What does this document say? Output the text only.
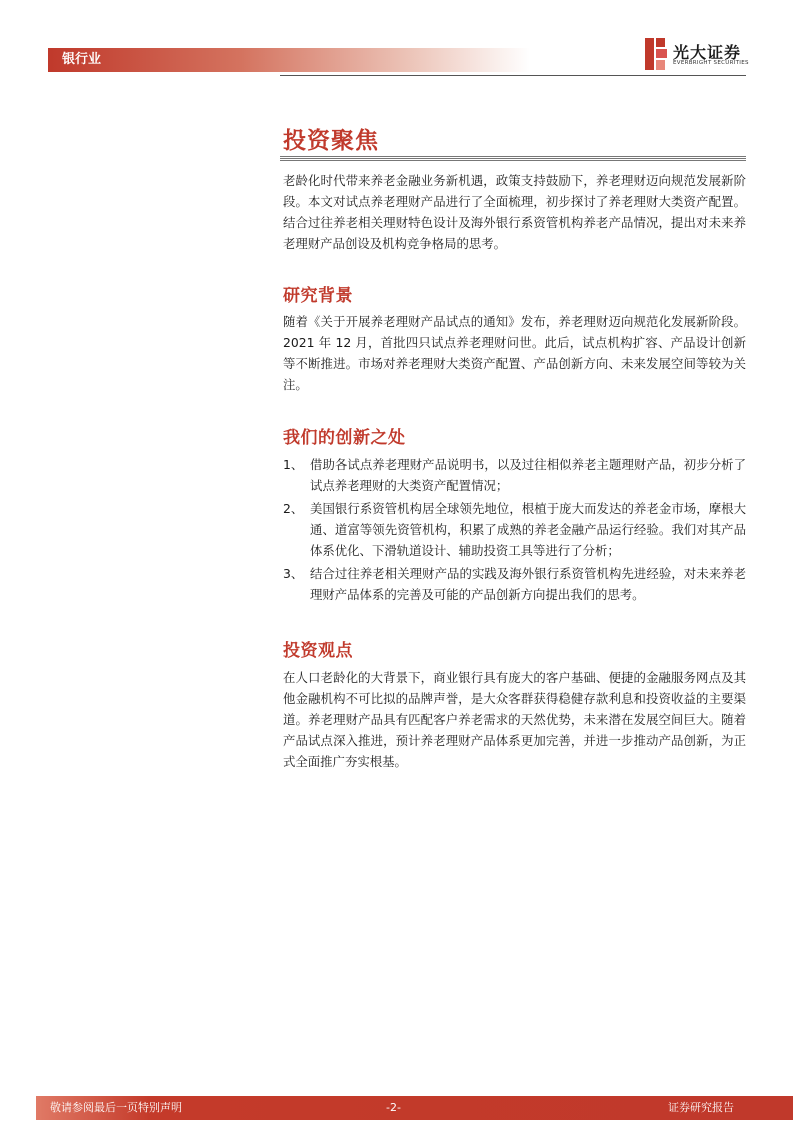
银行业	光大证券
EVERBRIGHT SECURITIES
投资聚焦

老龄化时代带来养老金融业务新机遇，政策支持鼓励下，养老理财迈向规范发展新阶段。本文对试点养老理财产品进行了全面梳理，初步探讨了养老理财大类资产配置。结合过往养老相关理财特色设计及海外银行系资管机构养老产品情况，提出对未来养老理财产品创设及机构竞争格局的思考。

研究背景

随着《关于开展养老理财产品试点的通知》发布，养老理财迈向规范化发展新阶段。2021 年 12 月，首批四只试点养老理财问世。此后，试点机构扩容、产品设计创新等不断推进。市场对养老理财大类资产配置、产品创新方向、未来发展空间等较为关注。

我们的创新之处
1、 借助各试点养老理财产品说明书，以及过往相似养老主题理财产品，初步分析了试点养老理财的大类资产配置情况；
2、 美国银行系资管机构居全球领先地位，根植于庞大而发达的养老金市场，摩根大通、道富等领先资管机构，积累了成熟的养老金融产品运行经验。我们对其产品体系优化、下滑轨道设计、辅助投资工具等进行了分析；
3、 结合过往养老相关理财产品的实践及海外银行系资管机构先进经验，对未来养老理财产品体系的完善及可能的产品创新方向提出我们的思考。
投资观点

在人口老龄化的大背景下，商业银行具有庞大的客户基础、便捷的金融服务网点及其他金融机构不可比拟的品牌声誉，是大众客群获得稳健存款利息和投资收益的主要渠道。养老理财产品具有匹配客户养老需求的天然优势，未来潜在发展空间巨大。随着产品试点深入推进，预计养老理财产品体系更加完善，并进一步推动产品创新，为正式全面推广夯实根基。

敬请参阅最后一页特别声明	-2-	证券研究报告
